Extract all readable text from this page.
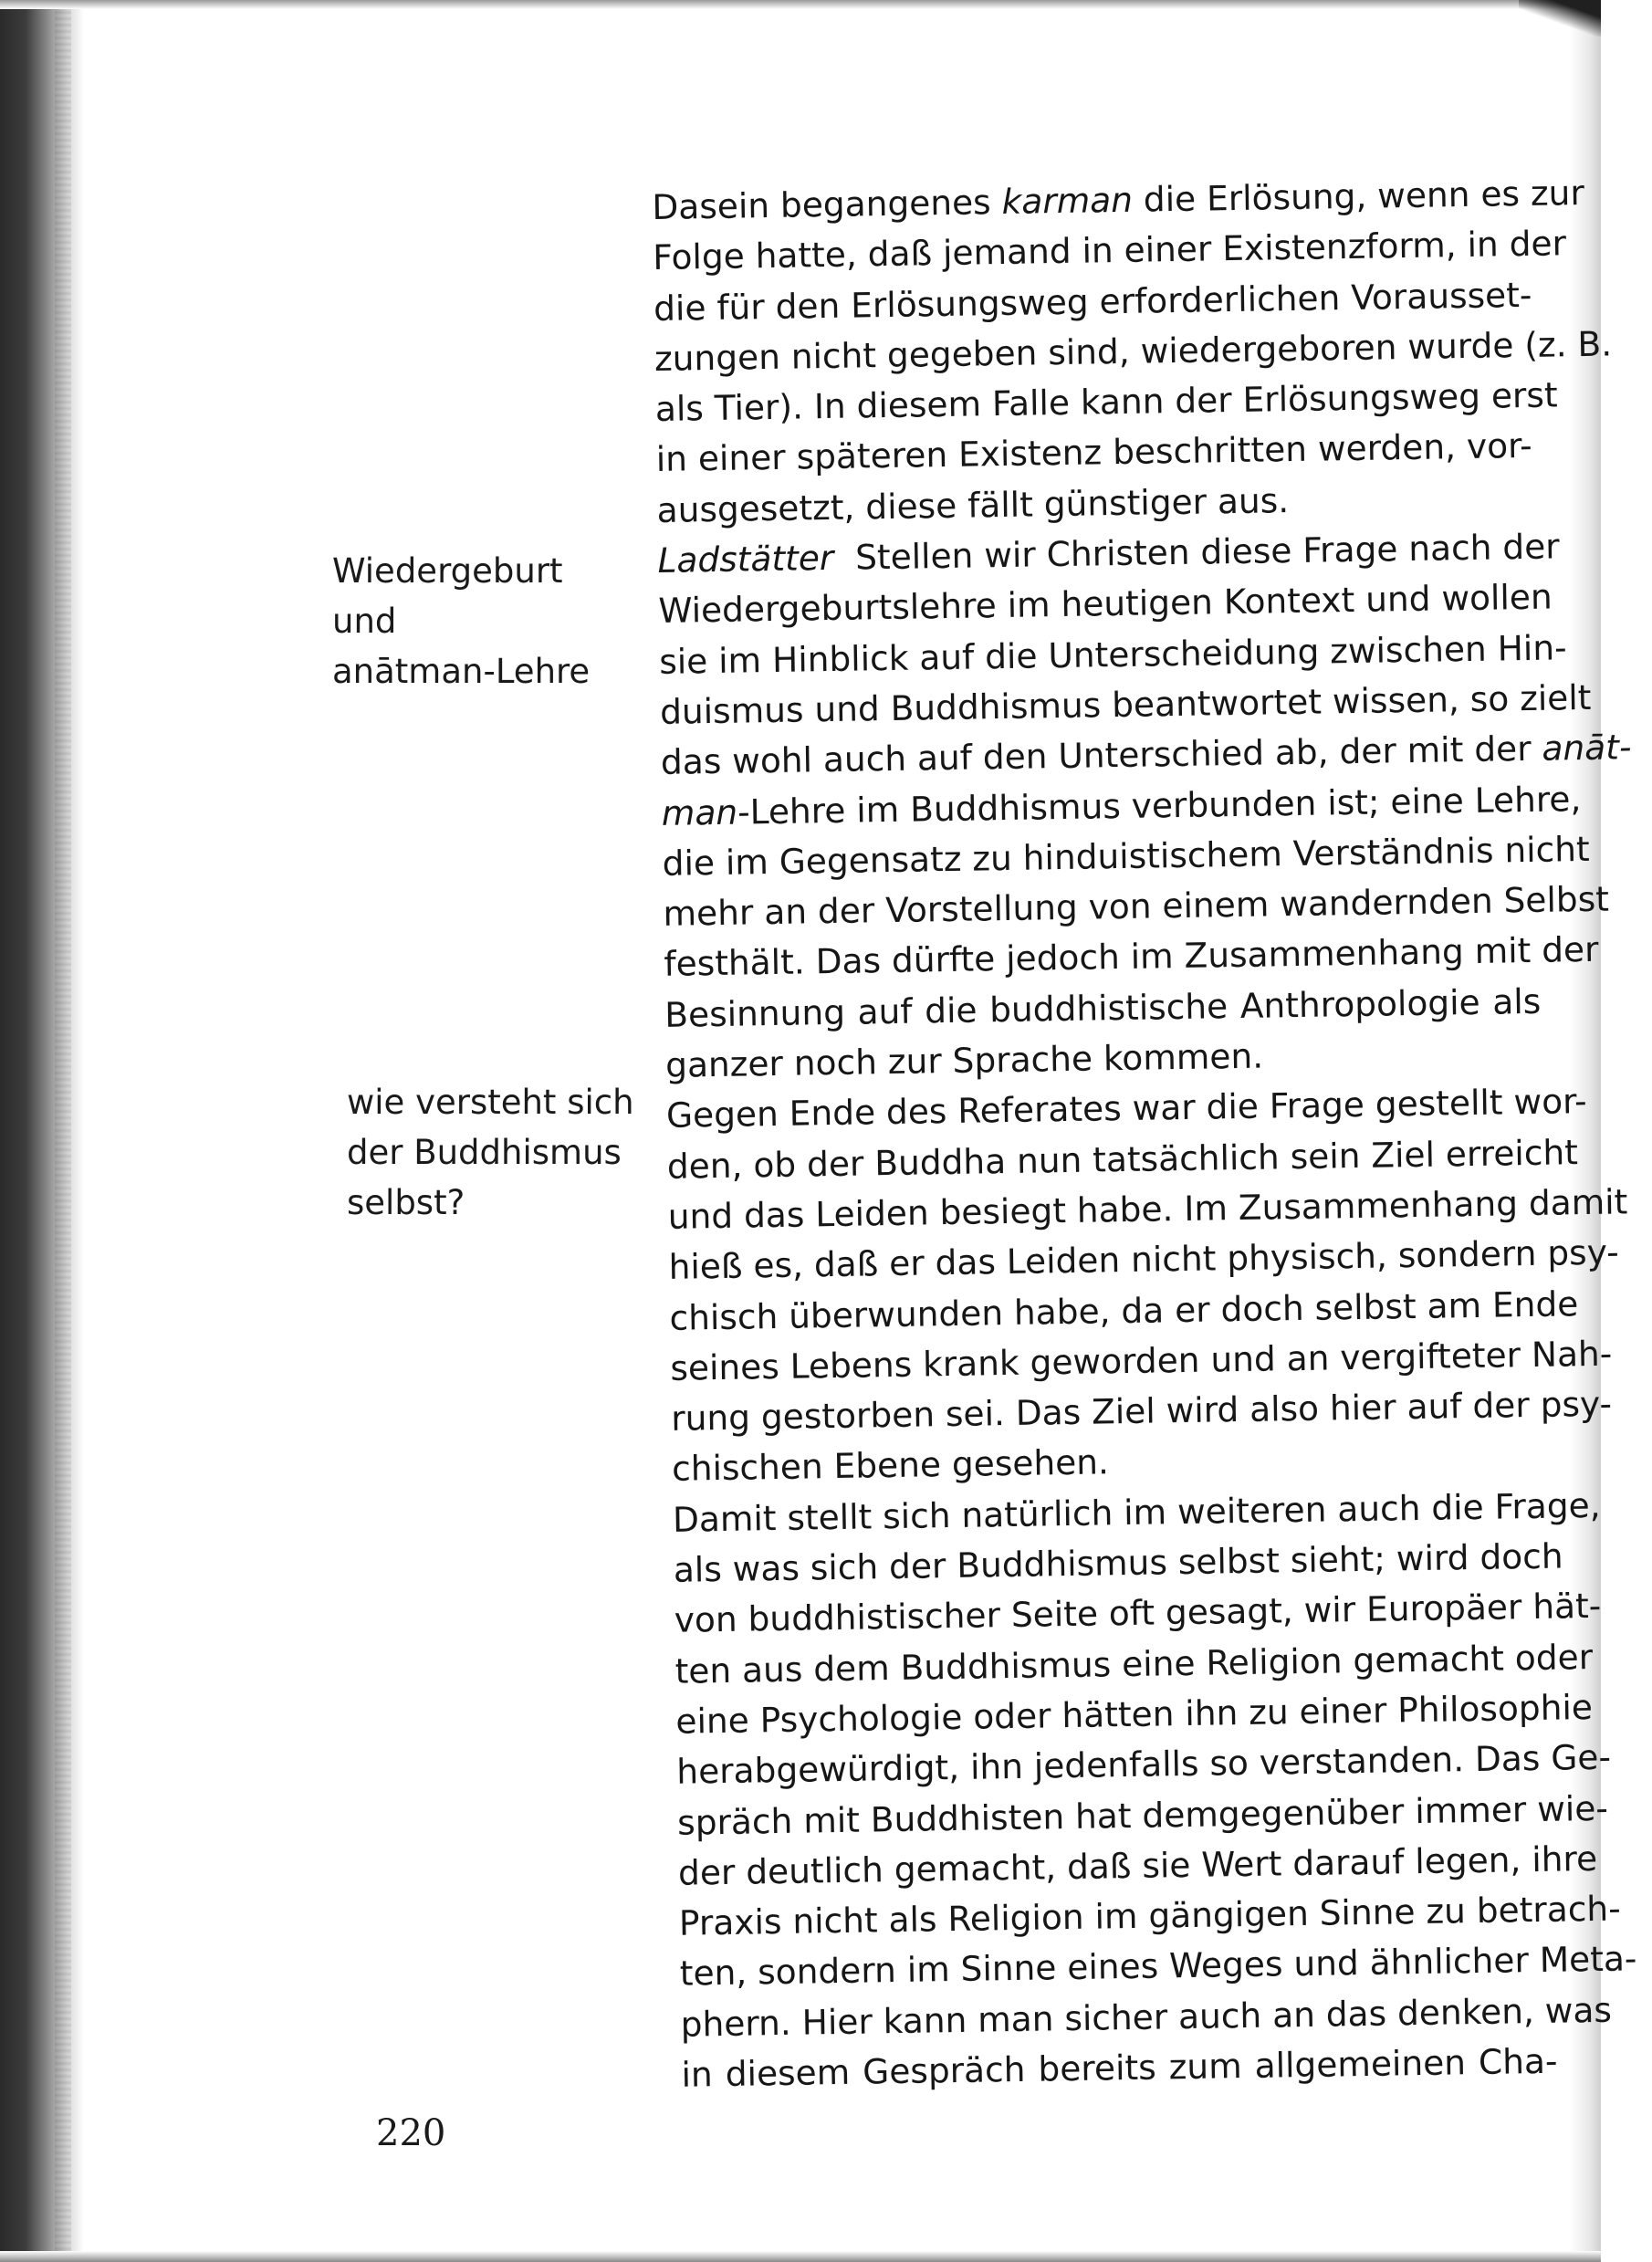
Wiedergeburt
und
anātman-Lehre
wie versteht sich
der Buddhismus
selbst?
Dasein begangenes karman die Erlösung, wenn es zur
Folge hatte, daß jemand in einer Existenzform, in der
die für den Erlösungsweg erforderlichen Vorausset-
zungen nicht gegeben sind, wiedergeboren wurde (z. B.
als Tier). In diesem Falle kann der Erlösungsweg erst
in einer späteren Existenz beschritten werden, vor-
ausgesetzt, diese fällt günstiger aus.
Ladstätter  Stellen wir Christen diese Frage nach der
Wiedergeburtslehre im heutigen Kontext und wollen
sie im Hinblick auf die Unterscheidung zwischen Hin-
duismus und Buddhismus beantwortet wissen, so zielt
das wohl auch auf den Unterschied ab, der mit der anāt-
man-Lehre im Buddhismus verbunden ist; eine Lehre,
die im Gegensatz zu hinduistischem Verständnis nicht
mehr an der Vorstellung von einem wandernden Selbst
festhält. Das dürfte jedoch im Zusammenhang mit der
Besinnung auf die buddhistische Anthropologie als
ganzer noch zur Sprache kommen.
Gegen Ende des Referates war die Frage gestellt wor-
den, ob der Buddha nun tatsächlich sein Ziel erreicht
und das Leiden besiegt habe. Im Zusammenhang damit
hieß es, daß er das Leiden nicht physisch, sondern psy-
chisch überwunden habe, da er doch selbst am Ende
seines Lebens krank geworden und an vergifteter Nah-
rung gestorben sei. Das Ziel wird also hier auf der psy-
chischen Ebene gesehen.
Damit stellt sich natürlich im weiteren auch die Frage,
als was sich der Buddhismus selbst sieht; wird doch
von buddhistischer Seite oft gesagt, wir Europäer hät-
ten aus dem Buddhismus eine Religion gemacht oder
eine Psychologie oder hätten ihn zu einer Philosophie
herabgewürdigt, ihn jedenfalls so verstanden. Das Ge-
spräch mit Buddhisten hat demgegenüber immer wie-
der deutlich gemacht, daß sie Wert darauf legen, ihre
Praxis nicht als Religion im gängigen Sinne zu betrach-
ten, sondern im Sinne eines Weges und ähnlicher Meta-
phern. Hier kann man sicher auch an das denken, was
in diesem Gespräch bereits zum allgemeinen Cha-
220
